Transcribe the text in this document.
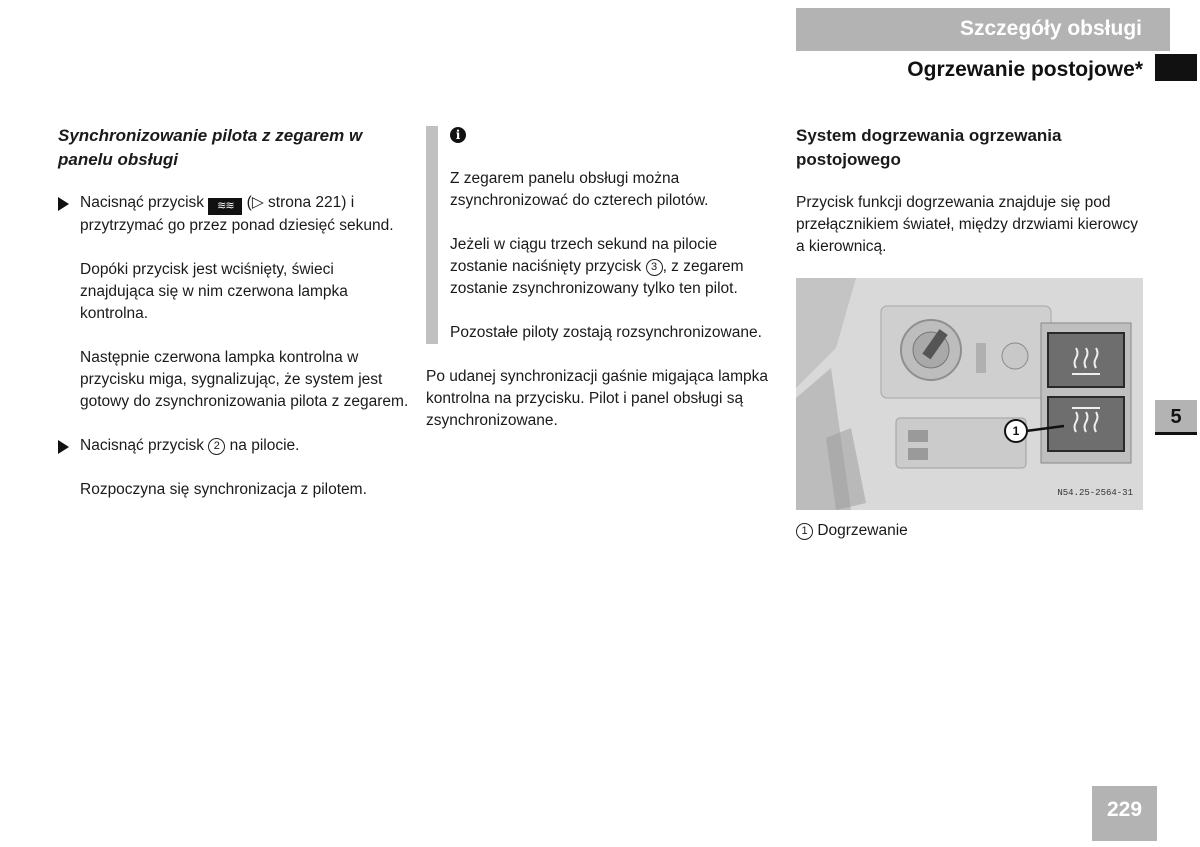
Szczegóły obsługi
Ogrzewanie postojowe*
5
229
Synchronizowanie pilota z zegarem w panelu obsługi
Nacisnąć przycisk ≋≋ (▷ strona 221) i przytrzymać go przez ponad dziesięć sekund.

Dopóki przycisk jest wciśnięty, świeci znajdująca się w nim czerwona lampka kontrolna.

Następnie czerwona lampka kontrolna w przycisku miga, sygnalizując, że system jest gotowy do zsynchronizowania pilota z zegarem.

Nacisnąć przycisk 2 na pilocie.

Rozpoczyna się synchronizacja z pilotem.

i

Z zegarem panelu obsługi można zsynchronizować do czterech pilotów.

Jeżeli w ciągu trzech sekund na pilocie zostanie naciśnięty przycisk 3 , z zegarem zostanie zsynchronizowany tylko ten pilot.

Pozostałe piloty zostają rozsynchronizowane.

Po udanej synchronizacji gaśnie migająca lampka kontrolna na przycisku. Pilot i panel obsługi są zsynchronizowane.

System dogrzewania ogrzewania postojowego

Przycisk funkcji dogrzewania znajduje się pod przełącznikiem świateł, między drzwiami kierowcy a kierownicą.

1
N54.25-2564-31
1 Dogrzewanie
